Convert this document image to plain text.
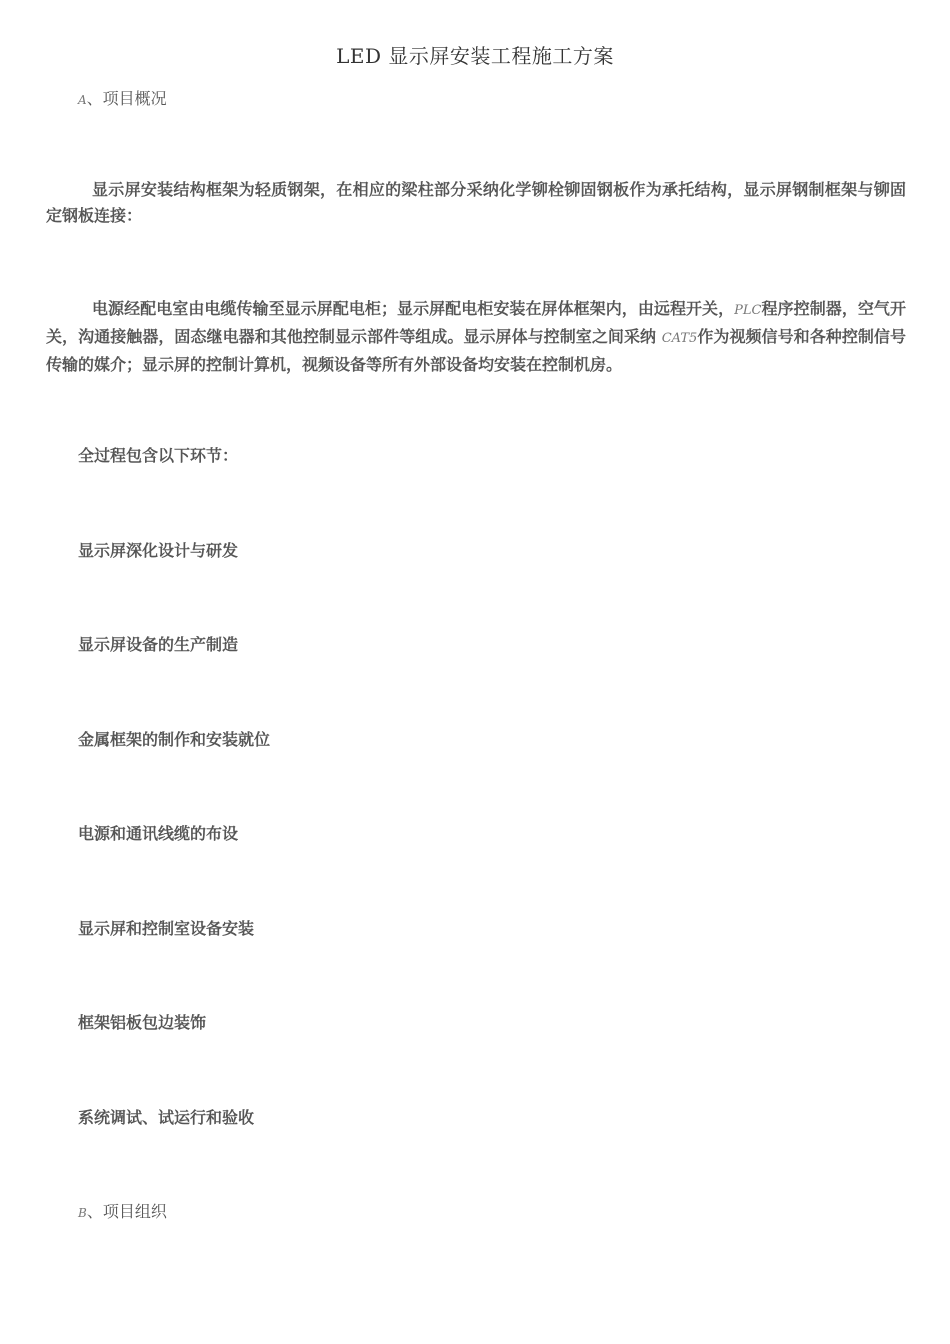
LED 显示屏安装工程施工方案
A、项目概况
显示屏安装结构框架为轻质钢架，在相应的梁柱部分采纳化学铆栓铆固钢板作为承托结构，显示屏钢制框架与铆固定钢板连接：
电源经配电室由电缆传输至显示屏配电柜；显示屏配电柜安装在屏体框架内，由远程开关，PLC程序控制器，空气开关，沟通接触器，固态继电器和其他控制显示部件等组成。显示屏体与控制室之间采纳 CAT5作为视频信号和各种控制信号传输的媒介；显示屏的控制计算机，视频设备等所有外部设备均安装在控制机房。
全过程包含以下环节：
显示屏深化设计与研发
显示屏设备的生产制造
金属框架的制作和安装就位
电源和通讯线缆的布设
显示屏和控制室设备安装
框架铝板包边装饰
系统调试、试运行和验收
B、项目组织
